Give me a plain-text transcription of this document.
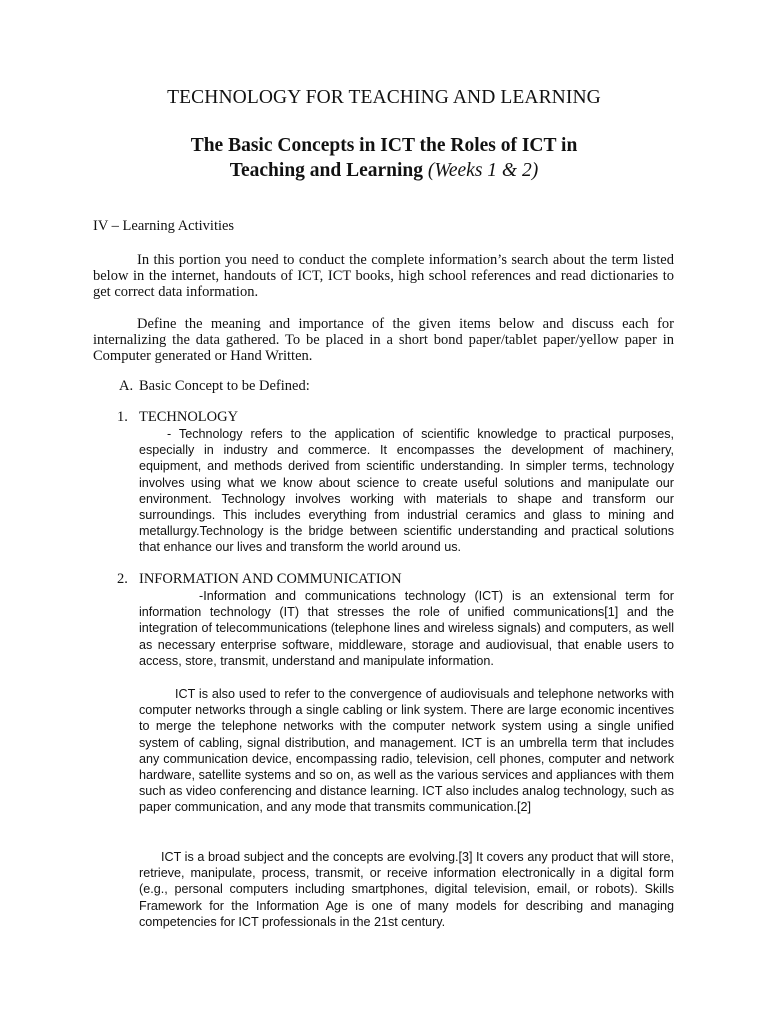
TECHNOLOGY FOR TEACHING AND LEARNING
The Basic Concepts in ICT the Roles of ICT in
Teaching and Learning (Weeks 1 & 2)
IV – Learning Activities
In this portion you need to conduct the complete information’s search about the term listed below in the internet, handouts of ICT, ICT books, high school references and read dictionaries to get correct data information.
Define the meaning and importance of the given items below and discuss each for internalizing the data gathered. To be placed in a short bond paper/tablet paper/yellow paper in Computer generated or Hand Written.
A. Basic Concept to be Defined:
1. TECHNOLOGY
- Technology refers to the application of scientific knowledge to practical purposes, especially in industry and commerce. It encompasses the development of machinery, equipment, and methods derived from scientific understanding. In simpler terms, technology involves using what we know about science to create useful solutions and manipulate our environment. Technology involves working with materials to shape and transform our surroundings. This includes everything from industrial ceramics and glass to mining and metallurgy.Technology is the bridge between scientific understanding and practical solutions that enhance our lives and transform the world around us.
2. INFORMATION AND COMMUNICATION
-Information and communications technology (ICT) is an extensional term for information technology (IT) that stresses the role of unified communications[1] and the integration of telecommunications (telephone lines and wireless signals) and computers, as well as necessary enterprise software, middleware, storage and audiovisual, that enable users to access, store, transmit, understand and manipulate information.
ICT is also used to refer to the convergence of audiovisuals and telephone networks with computer networks through a single cabling or link system. There are large economic incentives to merge the telephone networks with the computer network system using a single unified system of cabling, signal distribution, and management. ICT is an umbrella term that includes any communication device, encompassing radio, television, cell phones, computer and network hardware, satellite systems and so on, as well as the various services and appliances with them such as video conferencing and distance learning. ICT also includes analog technology, such as paper communication, and any mode that transmits communication.[2]
ICT is a broad subject and the concepts are evolving.[3] It covers any product that will store, retrieve, manipulate, process, transmit, or receive information electronically in a digital form (e.g., personal computers including smartphones, digital television, email, or robots). Skills Framework for the Information Age is one of many models for describing and managing competencies for ICT professionals in the 21st century.
